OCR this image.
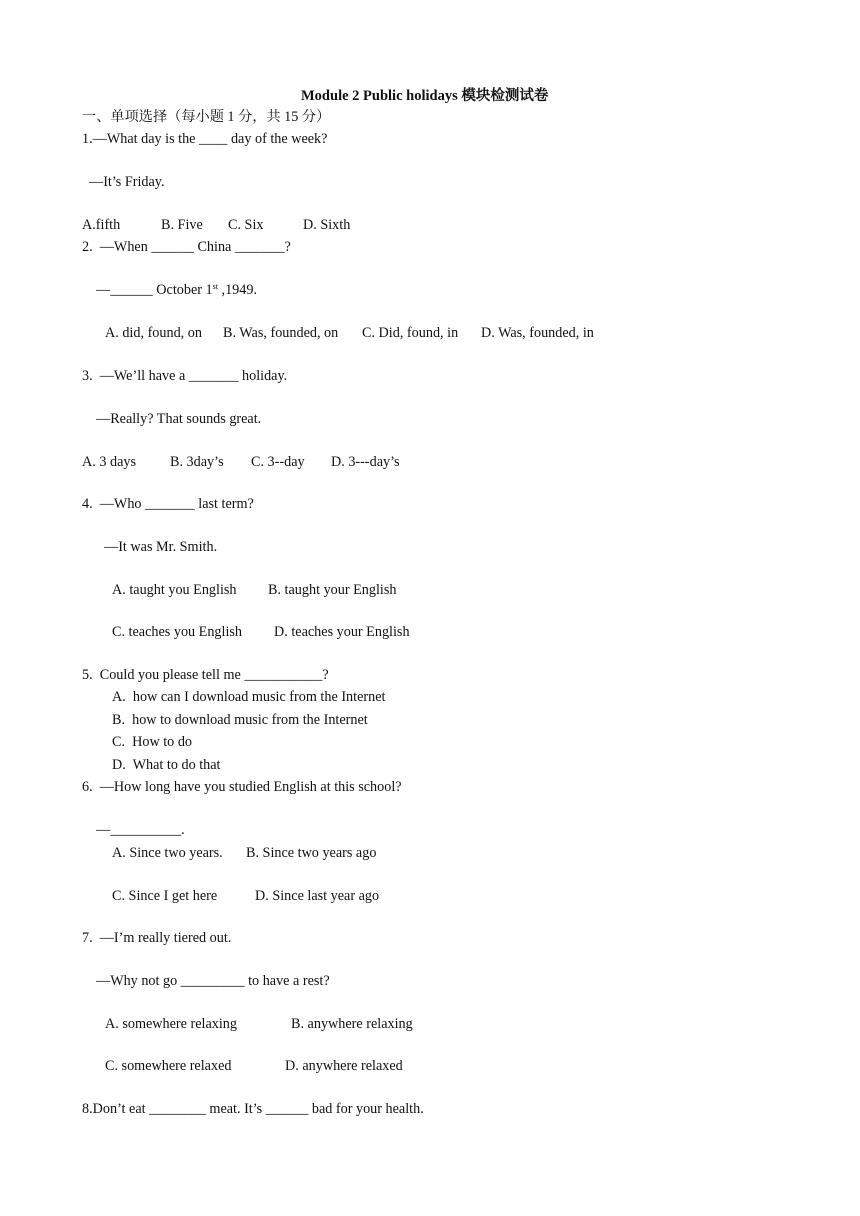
Module 2 Public holidays 模块检测试卷
一、单项选择（每小题 1 分，共 15 分）
1.—What day is the ____ day of the week?
—It’s Friday.
A.fifth	B. Five C. Six	D. Sixth
2.  —When ______ China _______?
—______ October 1st ,1949.
A. did, found, on B. Was, founded, on C. Did, found, in D. Was, founded, in
3.  —We’ll have a _______ holiday.
—Really? That sounds great.
A. 3 days B. 3day’s C. 3--day D. 3---day’s
4.  —Who _______ last term?
—It was Mr. Smith.
A. taught you English B. taught your English
C. teaches you English D. teaches your English
5.  Could you please tell me ___________?
A.  how can I download music from the Internet
B.  how to download music from the Internet
C.  How to do
D.  What to do that
6.  —How long have you studied English at this school?
—__________.
A. Since two years. B. Since two years ago
C. Since I get here	D. Since last year ago
7.  —I’m really tiered out.
—Why not go _________ to have a rest?
A. somewhere relaxing	B. anywhere relaxing
C. somewhere relaxed	D. anywhere relaxed
8.Don’t eat ________ meat. It’s ______ bad for your health.
